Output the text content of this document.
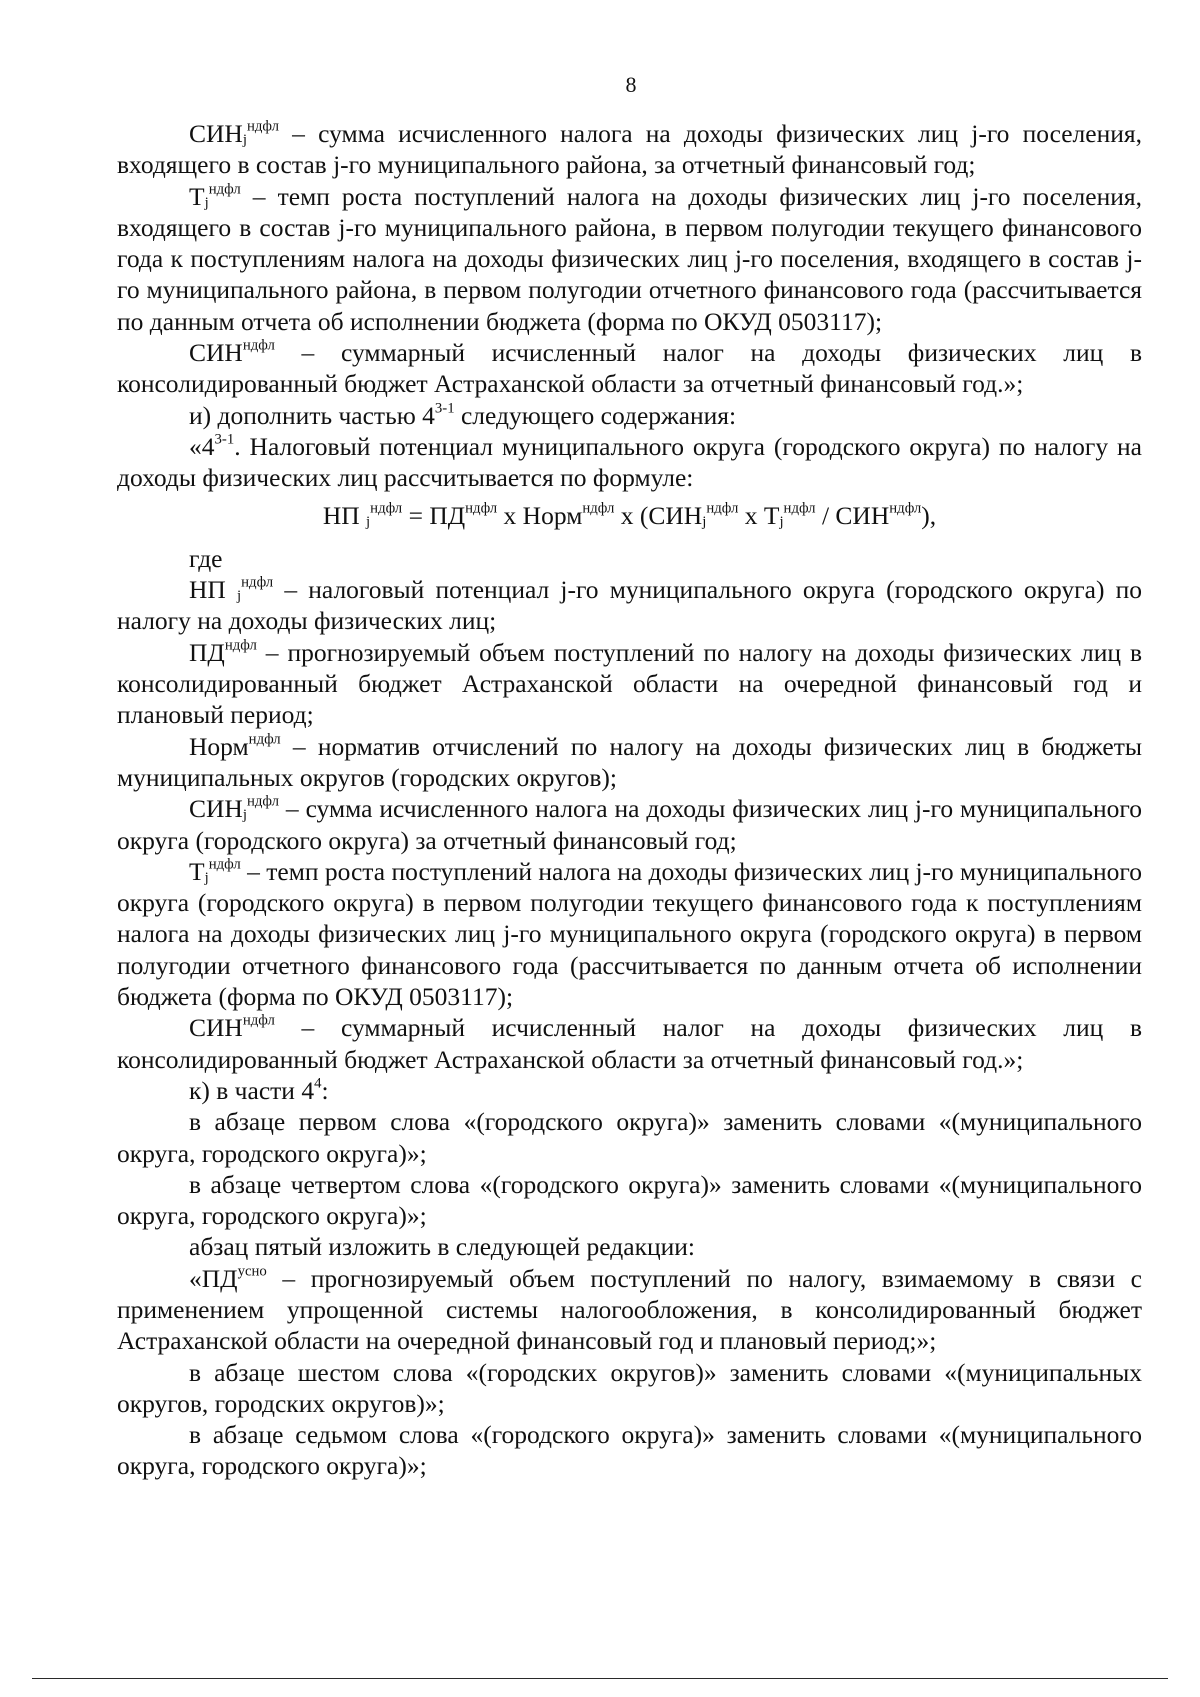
8

$СИН_j^{ндфл}$ – сумма исчисленного налога на доходы физических лиц j-го поселения, входящего в состав j-го муниципального района, за отчетный финансовый год;

$Т_j^{ндфл}$ – темп роста поступлений налога на доходы физических лиц j-го поселения, входящего в состав j-го муниципального района, в первом полугодии текущего финансового года к поступлениям налога на доходы физических лиц j-го поселения, входящего в состав j-го муниципального района, в первом полугодии отчетного финансового года (рассчитывается по данным отчета об исполнении бюджета (форма по ОКУД 0503117);

$СИН^{ндфл}$ – суммарный исчисленный налог на доходы физических лиц в консолидированный бюджет Астраханской области за отчетный финансовый год.»;

и) дополнить частью 4$^{3-1}$ следующего содержания:

«4$^{3-1}$. Налоговый потенциал муниципального округа (городского округа) по налогу на доходы физических лиц рассчитывается по формуле:

НП $_j^{ндфл} = ПД^{ндфл}$ x Норм$^{ндфл}$ x ($СИН_j^{ндфл}$ x $Т_j^{ндфл} / СИН^{ндфл}$),

где

НП $_j^{ндфл}$ – налоговый потенциал j-го муниципального округа (городского округа) по налогу на доходы физических лиц;

$ПД^{ндфл}$ – прогнозируемый объем поступлений по налогу на доходы физических лиц в консолидированный бюджет Астраханской области на очередной финансовый год и плановый период;

Норм$^{ндфл}$ – норматив отчислений по налогу на доходы физических лиц в бюджеты муниципальных округов (городских округов);

$СИН_j^{ндфл}$ – сумма исчисленного налога на доходы физических лиц j-го муниципального округа (городского округа) за отчетный финансовый год;

$Т_j^{ндфл}$ – темп роста поступлений налога на доходы физических лиц j-го муниципального округа (городского округа) в первом полугодии текущего финансового года к поступлениям налога на доходы физических лиц j-го муниципального округа (городского округа) в первом полугодии отчетного финансового года (рассчитывается по данным отчета об исполнении бюджета (форма по ОКУД 0503117);

$СИН^{ндфл}$ – суммарный исчисленный налог на доходы физических лиц в консолидированный бюджет Астраханской области за отчетный финансовый год.»;

к) в части $4^4$:

в абзаце первом слова «(городского округа)» заменить словами «(муниципального округа, городского округа)»;

в абзаце четвертом слова «(городского округа)» заменить словами «(муниципального округа, городского округа)»;

абзац пятый изложить в следующей редакции:

«$ПД^{усно}$ – прогнозируемый объем поступлений по налогу, взимаемому в связи с применением упрощенной системы налогообложения, в консолидированный бюджет Астраханской области на очередной финансовый год и плановый период;»;

в абзаце шестом слова «(городских округов)» заменить словами «(муниципальных округов, городских округов)»;

в абзаце седьмом слова «(городского округа)» заменить словами «(муниципального округа, городского округа)»;
